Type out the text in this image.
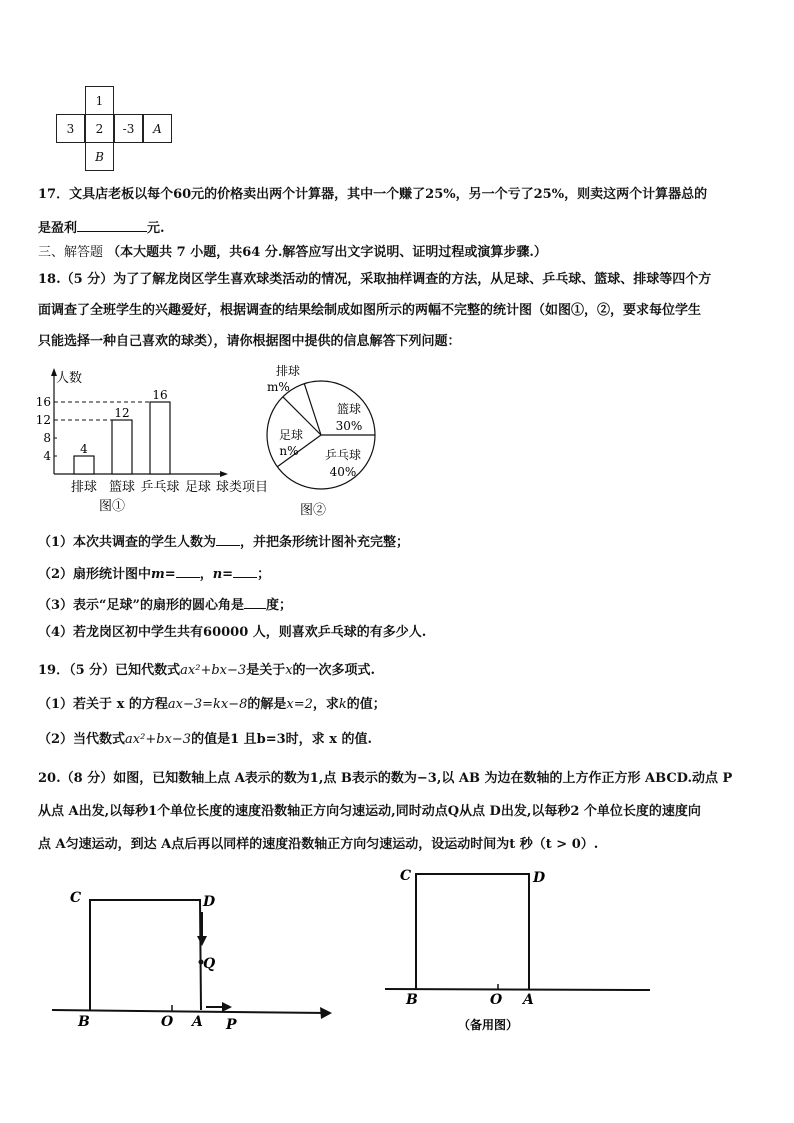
1
3 2 -3 A
B
17．文具店老板以每个60元的价格卖出两个计算器，其中一个赚了25%，另一个亏了25%，则卖这两个计算器总的
是盈利	元.
三、解答题 （本大题共 7 小题，共64 分.解答应写出文字说明、证明过程或演算步骤.）
18.（5 分）为了了解龙岗区学生喜欢球类活动的情况，采取抽样调查的方法，从足球、乒乓球、篮球、排球等四个方
面调查了全班学生的兴趣爱好，根据调查的结果绘制成如图所示的两幅不完整的统计图（如图①，②，要求每位学生
只能选择一种自己喜欢的球类），请你根据图中提供的信息解答下列问题：
人数
球类项目
4
8
12
16
4
排球
12
篮球
16
乒乓球 足球
图①
篮球
30%
乒乓球
40%
足球
n%
排球
m%
图②
（1）本次共调查的学生人数为 ，并把条形统计图补充完整；
（2）扇形统计图中m= ，n= ；
（3）表示“足球”的扇形的圆心角是 度；
（4）若龙岗区初中学生共有60000 人，则喜欢乒乓球的有多少人.
19．（5 分）已知代数式ax²+bx−3是关于x的一次多项式.
（1）若关于 x 的方程ax−3=kx−8的解是x=2，求k的值；
（2）当代数式ax²+bx−3的值是1 且b=3时，求 x 的值.
20.（8 分）如图，已知数轴上点 A表示的数为1,点 B表示的数为−3,以 AB 为边在数轴的上方作正方形 ABCD.动点 P
从点 A出发,以每秒1个单位长度的速度沿数轴正方向匀速运动,同时动点Q从点 D出发,以每秒2 个单位长度的速度向
点 A匀速运动，到达 A点后再以同样的速度沿数轴正方向匀速运动，设运动时间为t 秒（t > 0）.
C	D
Q
B	O A P
C	D
B	O A
（备用图）
